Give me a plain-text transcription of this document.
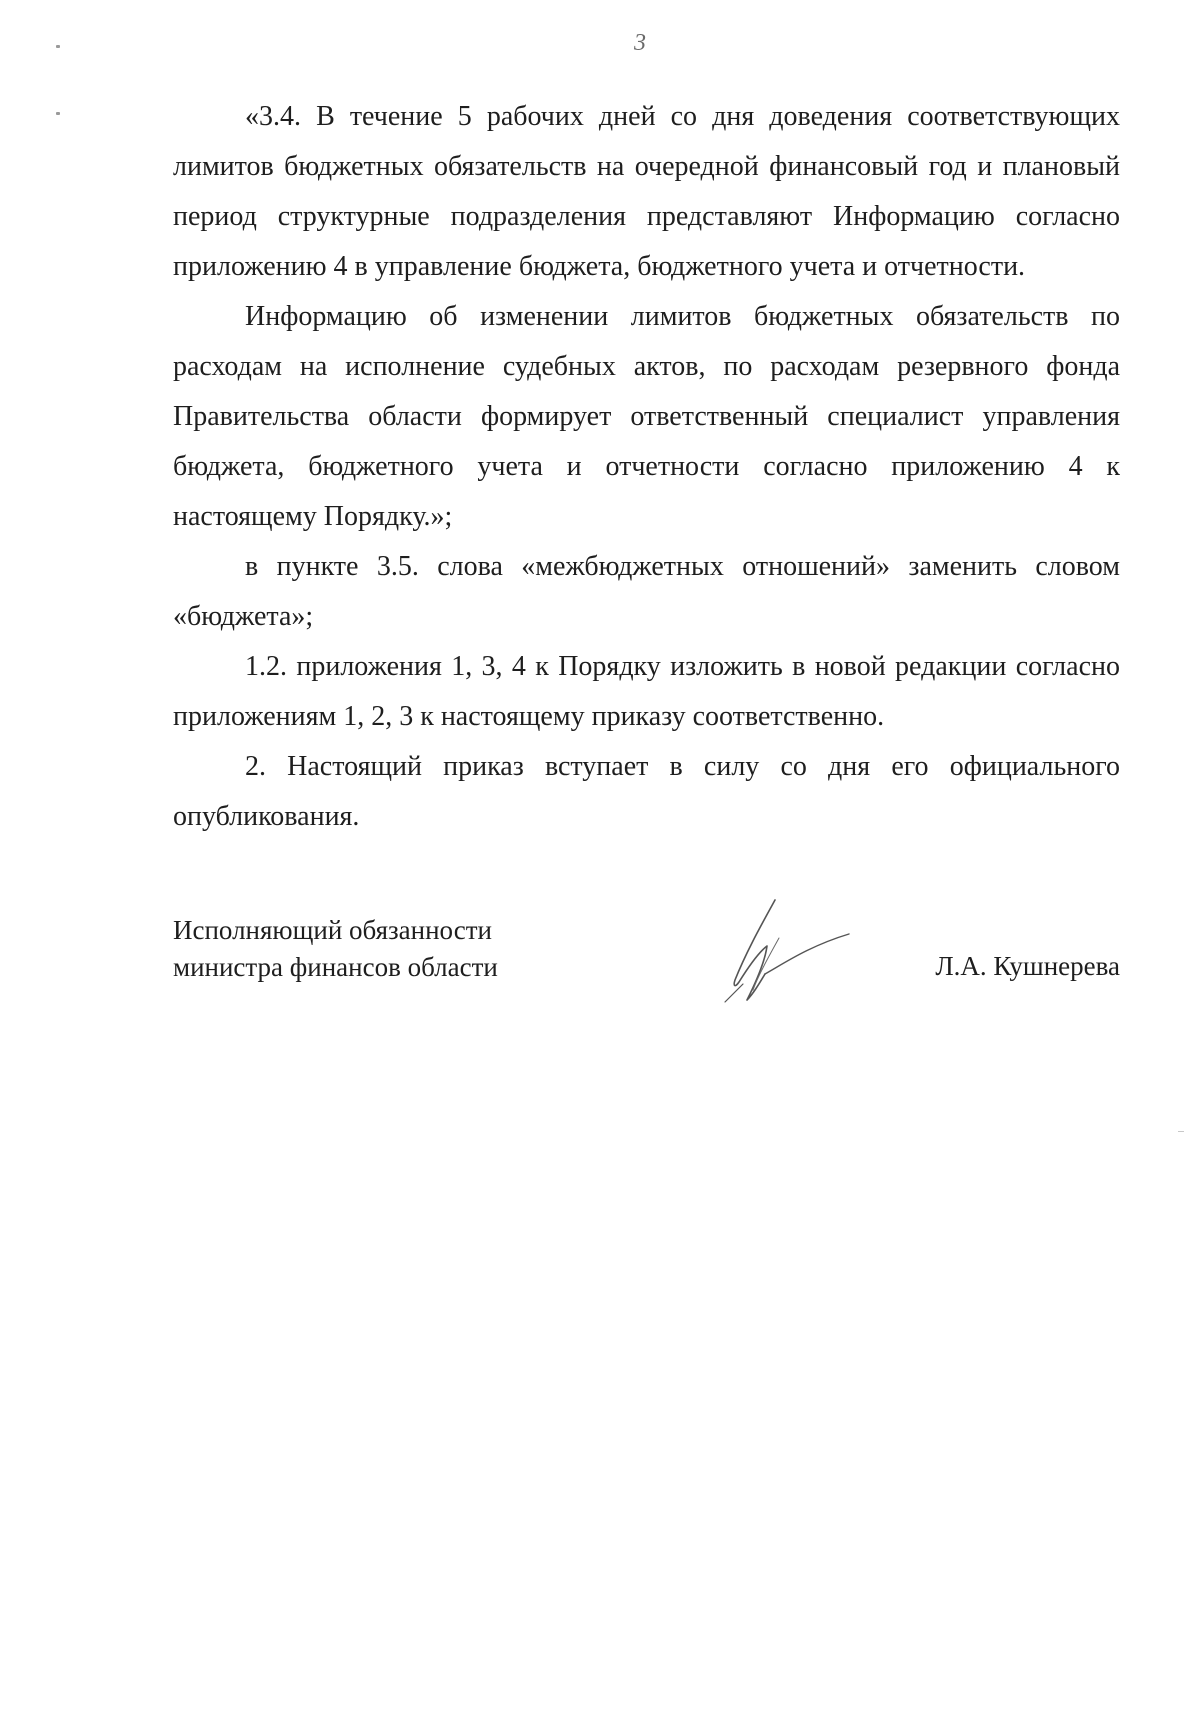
3

«3.4. В течение 5 рабочих дней со дня доведения соответствующих лимитов бюджетных обязательств на очередной финансовый год и плановый период структурные подразделения представляют Информацию согласно приложению 4 в управление бюджета, бюджетного учета и отчетности.

Информацию об изменении лимитов бюджетных обязательств по расходам на исполнение судебных актов, по расходам резервного фонда Правительства области формирует ответственный специалист управления бюджета, бюджетного учета и отчетности согласно приложению 4 к настоящему Порядку.»;

в пункте 3.5. слова «межбюджетных отношений» заменить словом «бюджета»;

1.2. приложения 1, 3, 4 к Порядку изложить в новой редакции согласно приложениям 1, 2, 3 к настоящему приказу соответственно.

2. Настоящий приказ вступает в силу со дня его официального опубликования.

Исполняющий обязанности
министра финансов области	Л.А. Кушнерева
